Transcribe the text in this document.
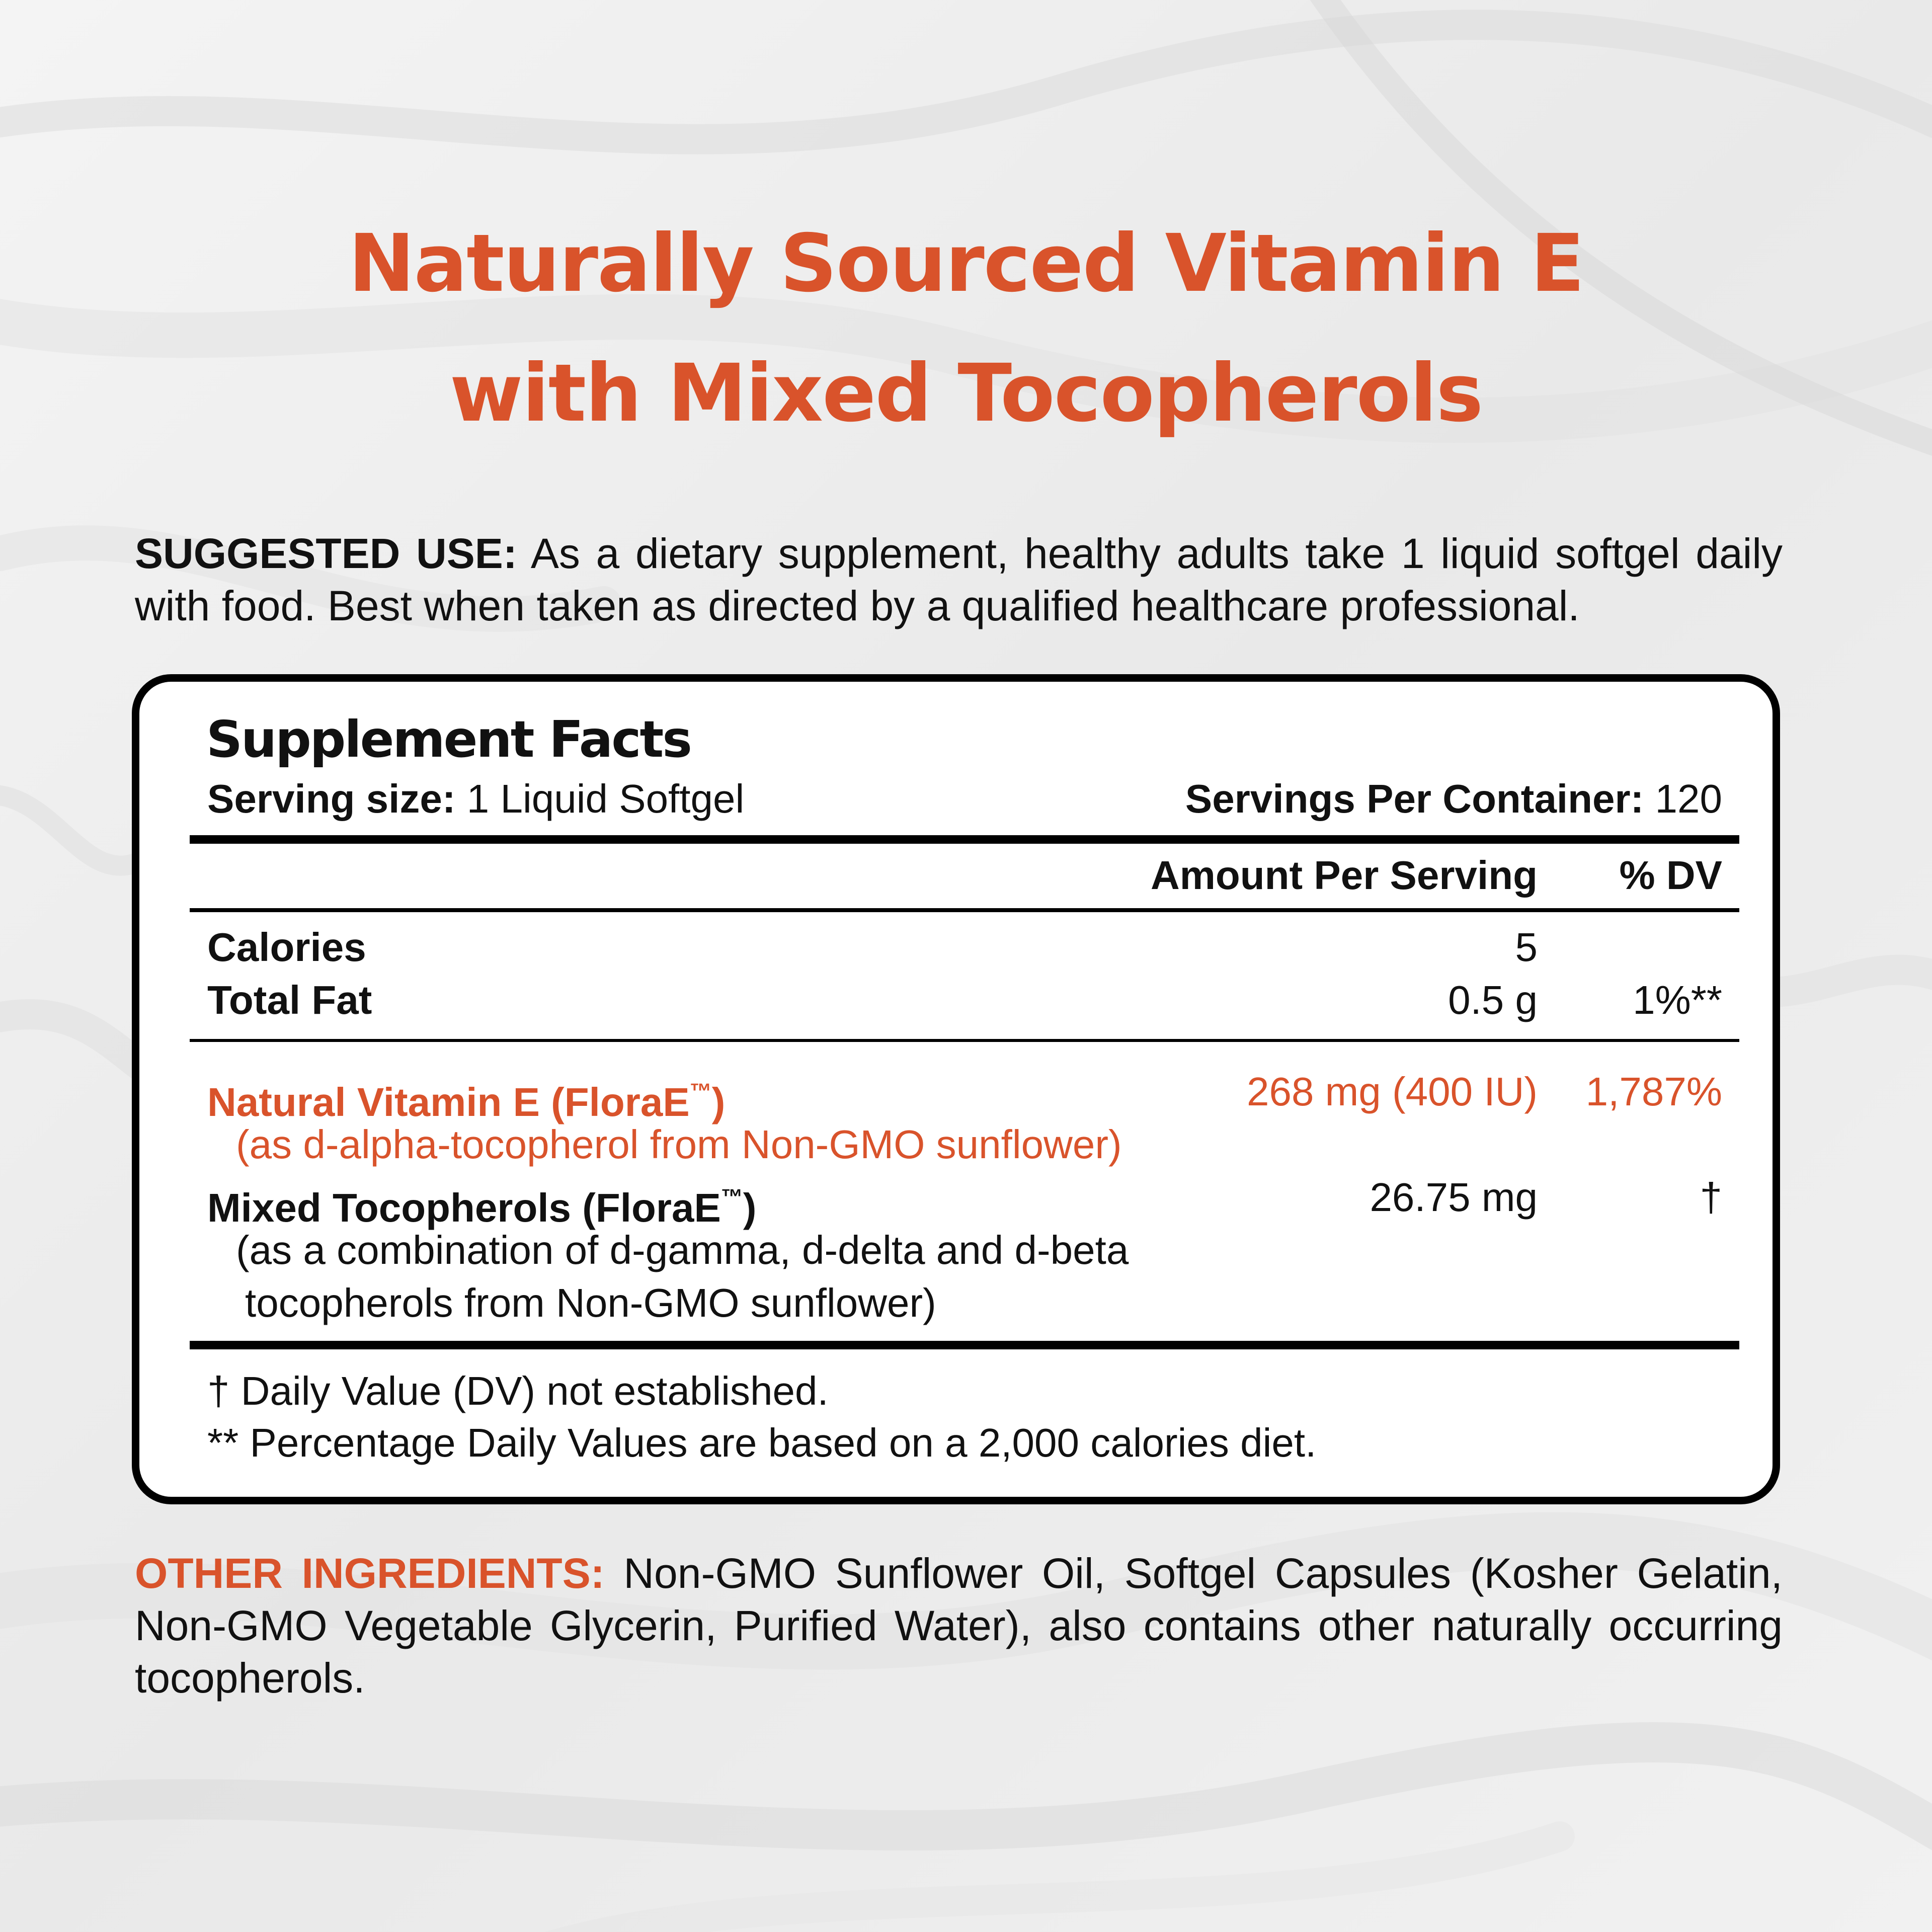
Naturally Sourced Vitamin E
with Mixed Tocopherols
SUGGESTED USE: As a dietary supplement, healthy adults take 1 liquid softgel daily with food. Best when taken as directed by a qualified healthcare professional.
Supplement Facts
Serving size: 1 Liquid Softgel	Servings Per Container: 120
Amount Per Serving % DV
Calories	5
Total Fat	0.5 g 1%**
Natural Vitamin E (FloraE™)	268 mg (400 IU) 1,787%
(as d-alpha-tocopherol from Non-GMO sunflower)
Mixed Tocopherols (FloraE™)	26.75 mg	†
(as a combination of d-gamma, d-delta and d-beta
tocopherols from Non-GMO sunflower)
† Daily Value (DV) not established.
** Percentage Daily Values are based on a 2,000 calories diet.
OTHER INGREDIENTS: Non-GMO Sunflower Oil, Softgel Capsules (Kosher Gelatin, Non-GMO Vegetable Glycerin, Purified Water), also contains other naturally occurring tocopherols.
